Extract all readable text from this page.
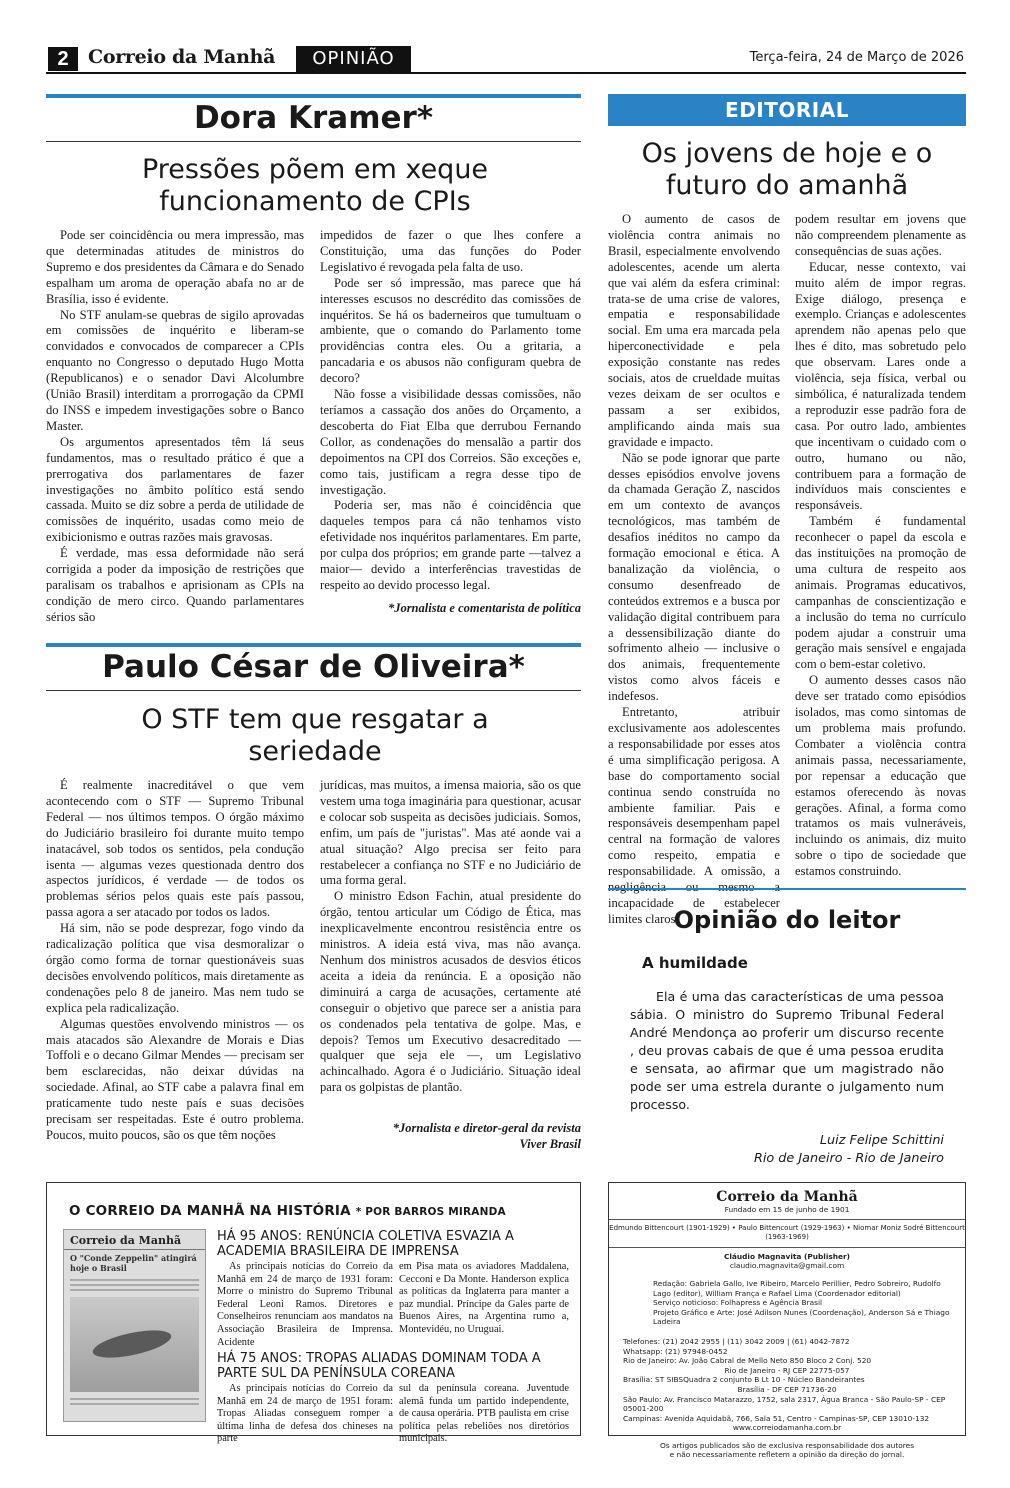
2	Correio da Manhã	OPINIÃO	Terça-feira, 24 de Março de 2026
Dora Kramer*
Pressões põem em xeque funcionamento de CPIs

Pode ser coincidência ou mera impressão, mas que determinadas atitudes de ministros do Supremo e dos presidentes da Câmara e do Senado espalham um aroma de operação abafa no ar de Brasília, isso é evidente.

No STF anulam-se quebras de sigilo aprovadas em comissões de inquérito e liberam-se convidados e convocados de comparecer a CPIs enquanto no Congresso o deputado Hugo Motta (Republicanos) e o senador Davi Alcolumbre (União Brasil) interditam a prorrogação da CPMI do INSS e impedem investigações sobre o Banco Master.

Os argumentos apresentados têm lá seus fundamentos, mas o resultado prático é que a prerrogativa dos parlamentares de fazer investigações no âmbito político está sendo cassada. Muito se diz sobre a perda de utilidade de comissões de inquérito, usadas como meio de exibicionismo e outras razões mais gravosas.

É verdade, mas essa deformidade não será corrigida a poder da imposição de restrições que paralisam os trabalhos e aprisionam as CPIs na condição de mero circo. Quando parlamentares sérios são

impedidos de fazer o que lhes confere a Constituição, uma das funções do Poder Legislativo é revogada pela falta de uso.

Pode ser só impressão, mas parece que há interesses escusos no descrédito das comissões de inquéritos. Se há os baderneiros que tumultuam o ambiente, que o comando do Parlamento tome providências contra eles. Ou a gritaria, a pancadaria e os abusos não configuram quebra de decoro?

Não fosse a visibilidade dessas comissões, não teríamos a cassação dos anões do Orçamento, a descoberta do Fiat Elba que derrubou Fernando Collor, as condenações do mensalão a partir dos depoimentos na CPI dos Correios. São exceções e, como tais, justificam a regra desse tipo de investigação.

Poderia ser, mas não é coincidência que daqueles tempos para cá não tenhamos visto efetividade nos inquéritos parlamentares. Em parte, por culpa dos próprios; em grande parte —talvez a maior— devido a interferências travestidas de respeito ao devido processo legal.

*Jornalista e comentarista de política
Paulo César de Oliveira*
O STF tem que resgatar a seriedade

É realmente inacreditável o que vem acontecendo com o STF — Supremo Tribunal Federal — nos últimos tempos. O órgão máximo do Judiciário brasileiro foi durante muito tempo inatacável, sob todos os sentidos, pela condução isenta — algumas vezes questionada dentro dos aspectos jurídicos, é verdade — de todos os problemas sérios pelos quais este país passou, passa agora a ser atacado por todos os lados.

Há sim, não se pode desprezar, fogo vindo da radicalização política que visa desmoralizar o órgão como forma de tornar questionáveis suas decisões envolvendo políticos, mais diretamente as condenações pelo 8 de janeiro. Mas nem tudo se explica pela radicalização.

Algumas questões envolvendo ministros — os mais atacados são Alexandre de Morais e Dias Toffoli e o decano Gilmar Mendes — precisam ser bem esclarecidas, não deixar dúvidas na sociedade. Afinal, ao STF cabe a palavra final em praticamente tudo neste país e suas decisões precisam ser respeitadas. Este é outro problema. Poucos, muito poucos, são os que têm noções

jurídicas, mas muitos, a imensa maioria, são os que vestem uma toga imaginária para questionar, acusar e colocar sob suspeita as decisões judiciais. Somos, enfim, um país de "juristas". Mas até aonde vai a atual situação? Algo precisa ser feito para restabelecer a confiança no STF e no Judiciário de uma forma geral.

O ministro Edson Fachin, atual presidente do órgão, tentou articular um Código de Ética, mas inexplicavelmente encontrou resistência entre os ministros. A ideia está viva, mas não avança. Nenhum dos ministros acusados de desvios éticos aceita a ideia da renúncia. E a oposição não diminuirá a carga de acusações, certamente até conseguir o objetivo que parece ser a anistia para os condenados pela tentativa de golpe. Mas, e depois? Temos um Executivo desacreditado — qualquer que seja ele —, um Legislativo achincalhado. Agora é o Judiciário. Situação ideal para os golpistas de plantão.

*Jornalista e diretor-geral da revista
Viver Brasil
EDITORIAL
Os jovens de hoje e o futuro do amanhã

O aumento de casos de violência contra animais no Brasil, especialmente envolvendo adolescentes, acende um alerta que vai além da esfera criminal: trata-se de uma crise de valores, empatia e responsabilidade social. Em uma era marcada pela hiperconectividade e pela exposição constante nas redes sociais, atos de crueldade muitas vezes deixam de ser ocultos e passam a ser exibidos, amplificando ainda mais sua gravidade e impacto.

Não se pode ignorar que parte desses episódios envolve jovens da chamada Geração Z, nascidos em um contexto de avanços tecnológicos, mas também de desafios inéditos no campo da formação emocional e ética. A banalização da violência, o consumo desenfreado de conteúdos extremos e a busca por validação digital contribuem para a dessensibilização diante do sofrimento alheio — inclusive o dos animais, frequentemente vistos como alvos fáceis e indefesos.

Entretanto, atribuir exclusivamente aos adolescentes a responsabilidade por esses atos é uma simplificação perigosa. A base do comportamento social continua sendo construída no ambiente familiar. Pais e responsáveis desempenham papel central na formação de valores como respeito, empatia e responsabilidade. A omissão, a negligência ou mesmo a incapacidade de estabelecer limites claros

podem resultar em jovens que não compreendem plenamente as consequências de suas ações.

Educar, nesse contexto, vai muito além de impor regras. Exige diálogo, presença e exemplo. Crianças e adolescentes aprendem não apenas pelo que lhes é dito, mas sobretudo pelo que observam. Lares onde a violência, seja física, verbal ou simbólica, é naturalizada tendem a reproduzir esse padrão fora de casa. Por outro lado, ambientes que incentivam o cuidado com o outro, humano ou não, contribuem para a formação de indivíduos mais conscientes e responsáveis.

Também é fundamental reconhecer o papel da escola e das instituições na promoção de uma cultura de respeito aos animais. Programas educativos, campanhas de conscientização e a inclusão do tema no currículo podem ajudar a construir uma geração mais sensível e engajada com o bem-estar coletivo.

O aumento desses casos não deve ser tratado como episódios isolados, mas como sintomas de um problema mais profundo. Combater a violência contra animais passa, necessariamente, por repensar a educação que estamos oferecendo às novas gerações. Afinal, a forma como tratamos os mais vulneráveis, incluindo os animais, diz muito sobre o tipo de sociedade que estamos construindo.

Opinião do leitor
A humildade

Ela é uma das características de uma pessoa sábia. O ministro do Supremo Tribunal Federal André Mendonça ao proferir um discurso recente , deu provas cabais de que é uma pessoa erudita e sensata, ao afirmar que um magistrado não pode ser uma estrela durante o julgamento num processo.

Luiz Felipe Schittini
Rio de Janeiro - Rio de Janeiro
O CORREIO DA MANHÃ NA HISTÓRIA * POR BARROS MIRANDA
Correio da Manhã
O "Conde Zeppelin" atingirá hoje o Brasil
HÁ 95 ANOS: RENÚNCIA COLETIVA ESVAZIA A ACADEMIA BRASILEIRA DE IMPRENSA

As principais notícias do Correio da Manhã em 24 de março de 1931 foram: Morre o ministro do Supremo Tribunal Federal Leoni Ramos. Diretores e Conselheiros renunciam aos mandatos na Associação Brasileira de Imprensa. Acidente

em Pisa mata os aviadores Maddalena, Cecconi e Da Monte. Handerson explica as políticas da Inglaterra para manter a paz mundial. Príncipe da Gales parte de Buenos Aires, na Argentina rumo a, Montevidéu, no Uruguai.

HÁ 75 ANOS: TROPAS ALIADAS DOMINAM TODA A PARTE SUL DA PENÍNSULA COREANA

As principais notícias do Correio da Manhã em 24 de março de 1951 foram: Tropas Aliadas conseguem romper a última linha de defesa dos chineses na parte

sul da península coreana. Juventude alemã funda um partido independente, de causa operária. PTB paulista em crise política pelas rebeliões nos diretórios municipais.

Correio da Manhã
Fundado em 15 de junho de 1901
Edmundo Bittencourt (1901-1929) • Paulo Bittencourt (1929-1963) • Niomar Moniz Sodré Bittencourt (1963-1969)
Cláudio Magnavita (Publisher)
claudio.magnavita@gmail.com
Redação: Gabriela Gallo, Ive Ribeiro, Marcelo Perillier, Pedro Sobreiro, Rudolfo Lago (editor), William França e Rafael Lima (Coordenador editorial)
Serviço noticioso: Folhapress e Agência Brasil
Projeto Gráfico e Arte: José Adilson Nunes (Coordenação), Anderson Sá e Thiago Ladeira
Telefones: (21) 2042 2955 | (11) 3042 2009 | (61) 4042-7872
Whatsapp: (21) 97948-0452
Rio de Janeiro: Av. João Cabral de Mello Neto 850 Bloco 2 Conj. 520
Rio de Janeiro - RJ CEP 22775-057
Brasília: ST SIBSQuadra 2 conjunto B Lt 10 - Núcleo Bandeirantes
Brasília - DF CEP 71736-20
São Paulo: Av. Francisco Matarazzo, 1752, sala 2317, Água Branca - São Paulo-SP - CEP 05001-200
Campinas: Avenida Aquidabã, 766, Sala 51, Centro - Campinas-SP, CEP 13010-132
www.correiodamanha.com.br
Os artigos publicados são de exclusiva responsabilidade dos autores
e não necessariamente refletem a opinião da direção do jornal.
